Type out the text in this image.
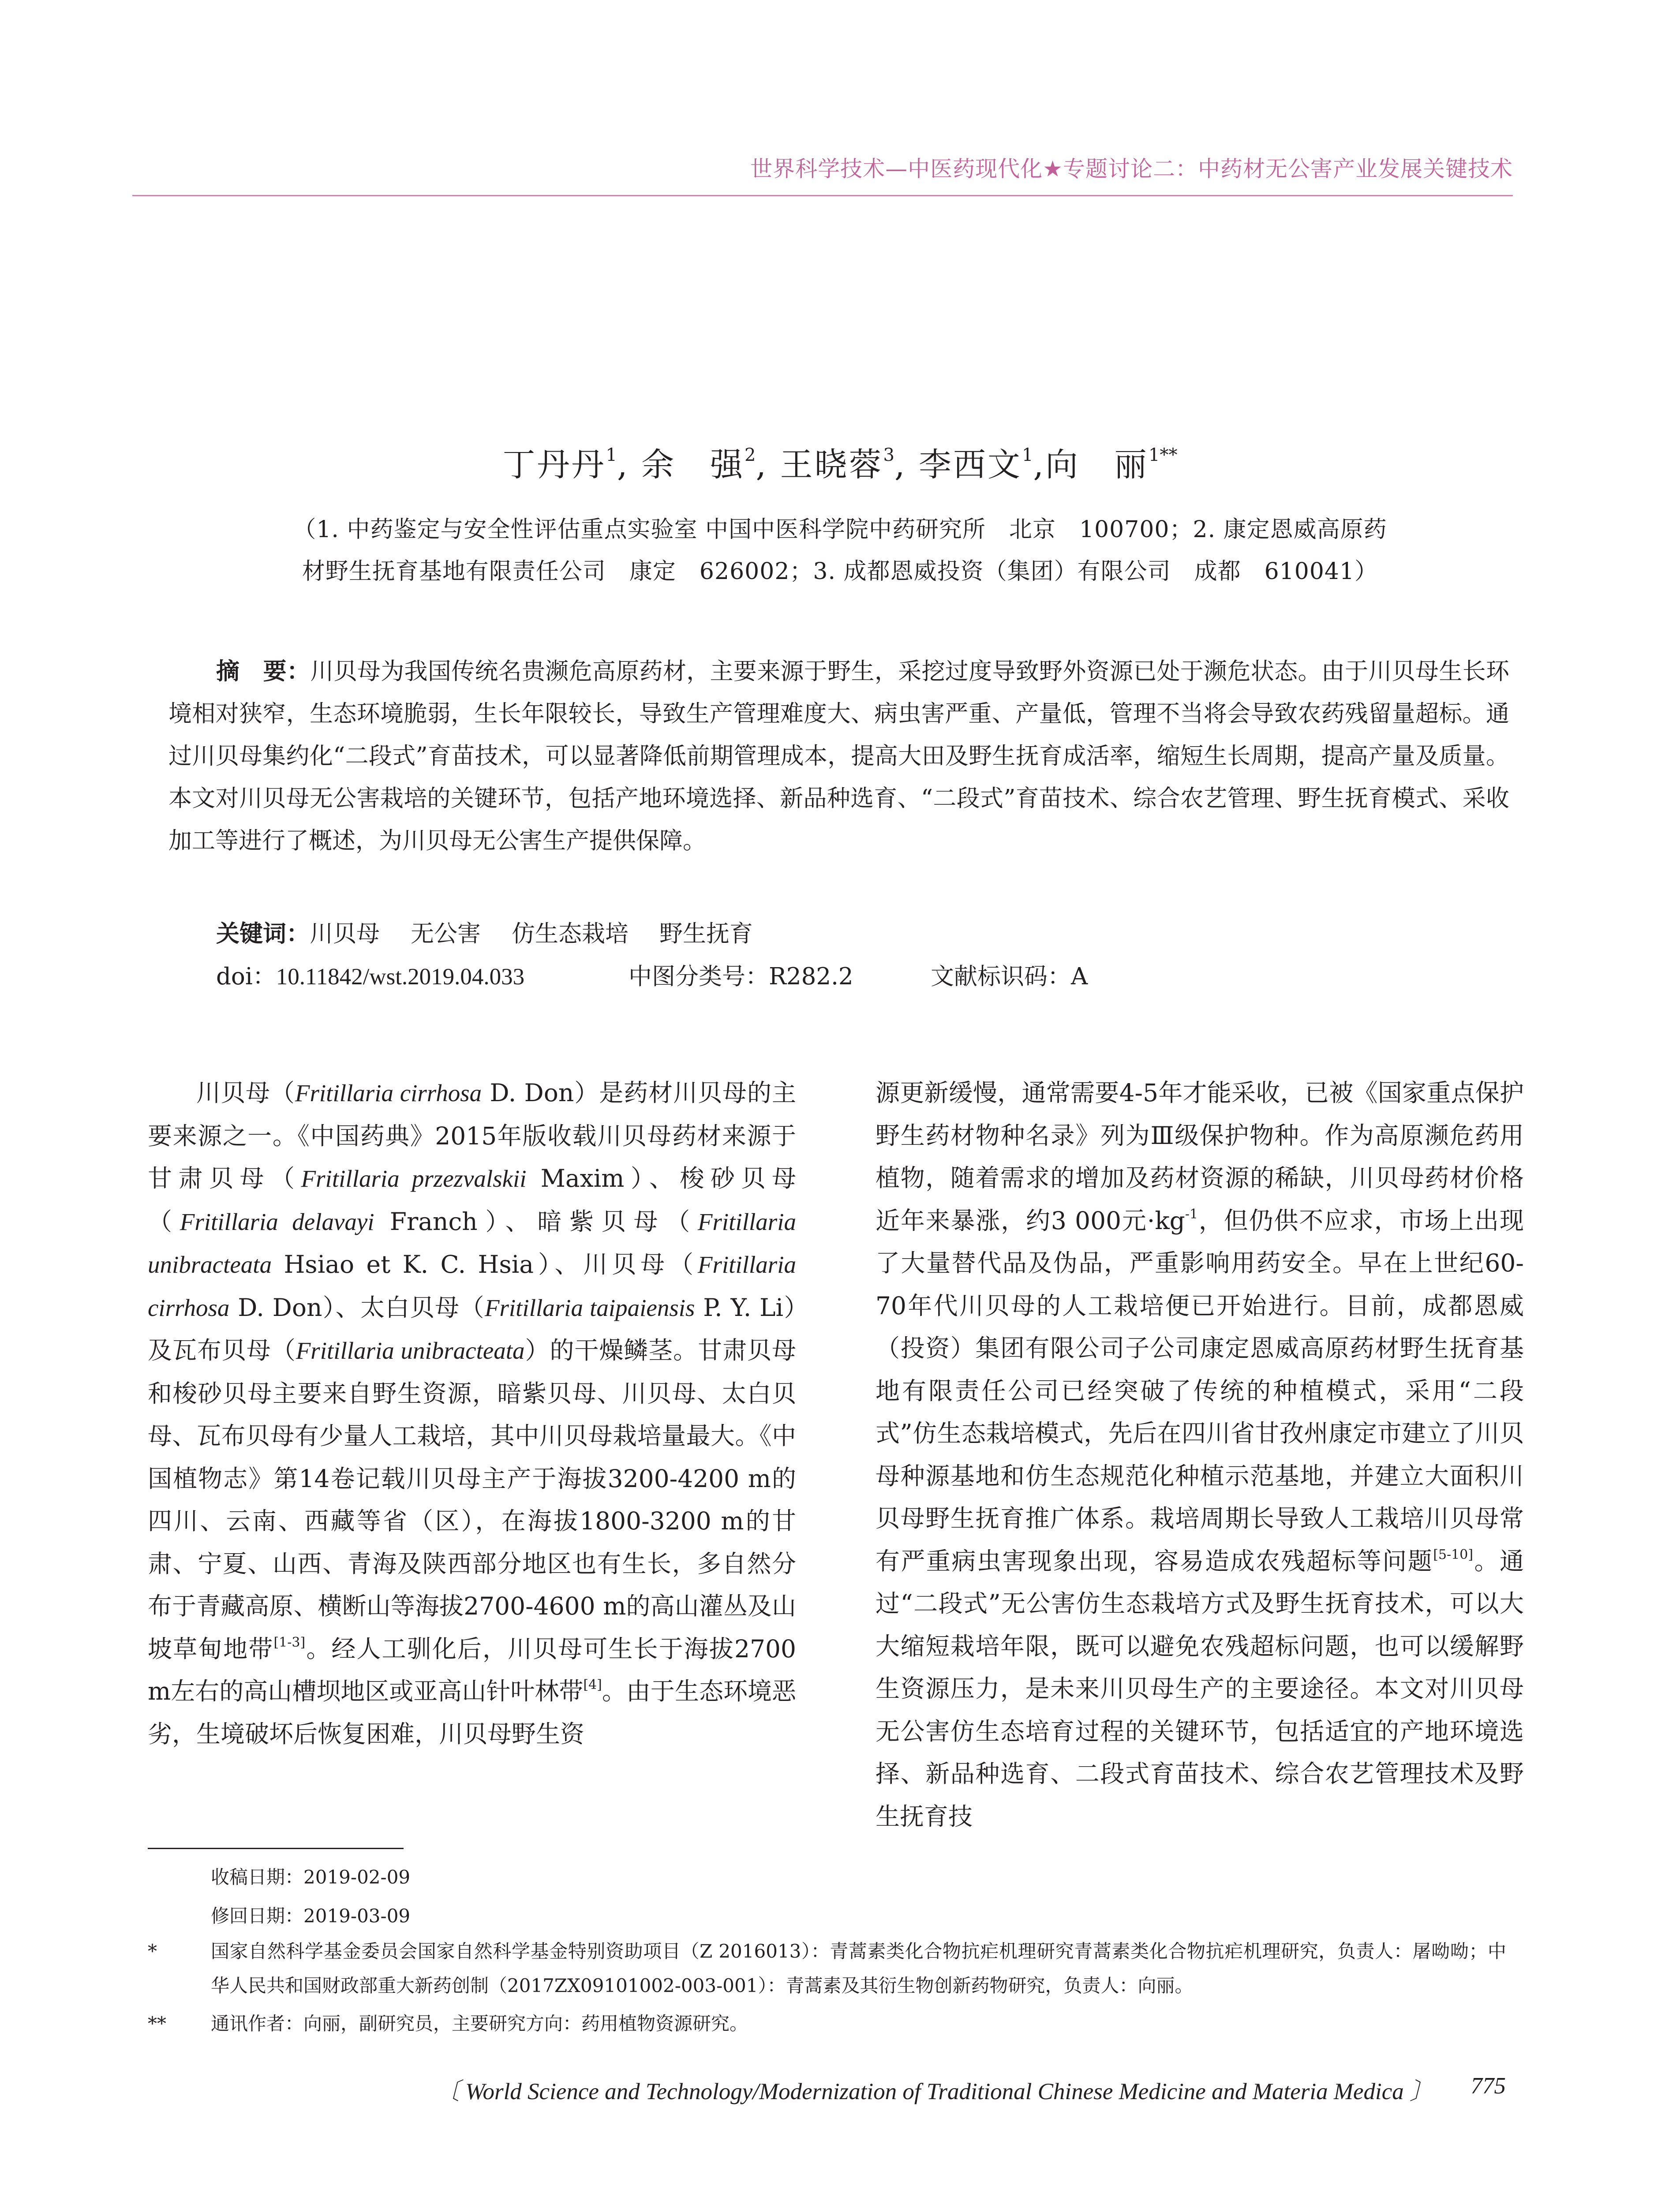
世界科学技术—中医药现代化★专题讨论二：中药材无公害产业发展关键技术
丁丹丹$^1$, 余　强$^2$, 王晓蓉$^3$, 李西文$^1$,向　丽$^{1**}$
（1. 中药鉴定与安全性评估重点实验室 中国中医科学院中药研究所　北京　100700；2. 康定恩威高原药
材野生抚育基地有限责任公司　康定　626002；3. 成都恩威投资（集团）有限公司　成都　610041）
摘　要：川贝母为我国传统名贵濒危高原药材，主要来源于野生，采挖过度导致野外资源已处于濒危状态。由于川贝母生长环境相对狭窄，生态环境脆弱，生长年限较长，导致生产管理难度大、病虫害严重、产量低，管理不当将会导致农药残留量超标。通过川贝母集约化“二段式”育苗技术，可以显著降低前期管理成本，提高大田及野生抚育成活率，缩短生长周期，提高产量及质量。本文对川贝母无公害栽培的关键环节，包括产地环境选择、新品种选育、“二段式”育苗技术、综合农艺管理、野生抚育模式、采收加工等进行了概述，为川贝母无公害生产提供保障。
关键词：川贝母 无公害 仿生态栽培 野生抚育
doi：10.11842/wst.2019.04.033	中图分类号：R282.2	文献标识码：A

川贝母（Fritillaria cirrhosa D. Don）是药材川贝母的主要来源之一。《中国药典》2015年版收载川贝母药材来源于甘肃贝母（Fritillaria przezvalskii Maxim）、梭砂贝母（Fritillaria delavayi Franch）、暗紫贝母（Fritillaria unibracteata Hsiao et K. C. Hsia）、川贝母（Fritillaria cirrhosa D. Don）、太白贝母（Fritillaria taipaiensis P. Y. Li）及瓦布贝母（Fritillaria unibracteata）的干燥鳞茎。甘肃贝母和梭砂贝母主要来自野生资源，暗紫贝母、川贝母、太白贝母、瓦布贝母有少量人工栽培，其中川贝母栽培量最大。《中国植物志》第14卷记载川贝母主产于海拔3200-4200 m的四川、云南、西藏等省（区），在海拔1800-3200 m的甘肃、宁夏、山西、青海及陕西部分地区也有生长，多自然分布于青藏高原、横断山等海拔2700-4600 m的高山灌丛及山坡草甸地带[1-3]。经人工驯化后，川贝母可生长于海拔2700 m左右的高山槽坝地区或亚高山针叶林带[4]。由于生态环境恶劣，生境破坏后恢复困难，川贝母野生资

源更新缓慢，通常需要4-5年才能采收，已被《国家重点保护野生药材物种名录》列为Ⅲ级保护物种。作为高原濒危药用植物，随着需求的增加及药材资源的稀缺，川贝母药材价格近年来暴涨，约3 000元$\cdot kg^{-1}$，但仍供不应求，市场上出现了大量替代品及伪品，严重影响用药安全。早在上世纪60-70年代川贝母的人工栽培便已开始进行。目前，成都恩威（投资）集团有限公司子公司康定恩威高原药材野生抚育基地有限责任公司已经突破了传统的种植模式，采用“二段式”仿生态栽培模式，先后在四川省甘孜州康定市建立了川贝母种源基地和仿生态规范化种植示范基地，并建立大面积川贝母野生抚育推广体系。栽培周期长导致人工栽培川贝母常有严重病虫害现象出现，容易造成农残超标等问题[5-10]。通过“二段式”无公害仿生态栽培方式及野生抚育技术，可以大大缩短栽培年限，既可以避免农残超标问题，也可以缓解野生资源压力，是未来川贝母生产的主要途径。本文对川贝母无公害仿生态培育过程的关键环节，包括适宜的产地环境选择、新品种选育、二段式育苗技术、综合农艺管理技术及野生抚育技

收稿日期：2019-02-09
修回日期：2019-03-09
*	国家自然科学基金委员会国家自然科学基金特别资助项目（Z 2016013）：青蒿素类化合物抗疟机理研究青蒿素类化合物抗疟机理研究，负责人：屠呦呦；中华人民共和国财政部重大新药创制（2017ZX09101002-003-001）：青蒿素及其衍生物创新药物研究，负责人：向丽。
**	通讯作者：向丽，副研究员，主要研究方向：药用植物资源研究。
〔 World Science and Technology/Modernization of Traditional Chinese Medicine and Materia Medica 〕 775
